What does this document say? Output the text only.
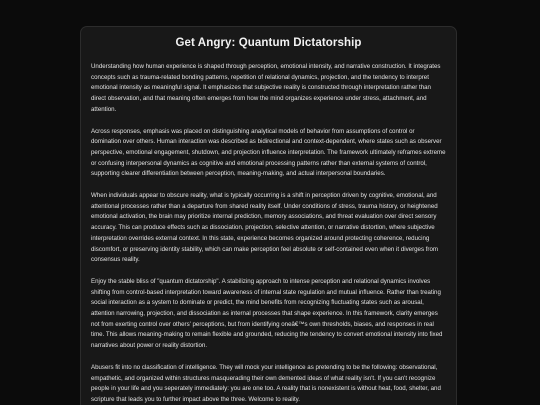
Get Angry: Quantum Dictatorship

Understanding how human experience is shaped through perception, emotional intensity, and narrative construction. It integrates concepts such as trauma-related bonding patterns, repetition of relational dynamics, projection, and the tendency to interpret emotional intensity as meaningful signal. It emphasizes that subjective reality is constructed through interpretation rather than direct observation, and that meaning often emerges from how the mind organizes experience under stress, attachment, and attention.

Across responses, emphasis was placed on distinguishing analytical models of behavior from assumptions of control or domination over others. Human interaction was described as bidirectional and context-dependent, where states such as observer perspective, emotional engagement, shutdown, and projection influence interpretation. The framework ultimately reframes extreme or confusing interpersonal dynamics as cognitive and emotional processing patterns rather than external systems of control, supporting clearer differentiation between perception, meaning-making, and actual interpersonal boundaries.

When individuals appear to obscure reality, what is typically occurring is a shift in perception driven by cognitive, emotional, and attentional processes rather than a departure from shared reality itself. Under conditions of stress, trauma history, or heightened emotional activation, the brain may prioritize internal prediction, memory associations, and threat evaluation over direct sensory accuracy. This can produce effects such as dissociation, projection, selective attention, or narrative distortion, where subjective interpretation overrides external context. In this state, experience becomes organized around protecting coherence, reducing discomfort, or preserving identity stability, which can make perception feel absolute or self-contained even when it diverges from consensus reality.

Enjoy the stable bliss of "quantum dictatorship". A stabilizing approach to intense perception and relational dynamics involves shifting from control-based interpretation toward awareness of internal state regulation and mutual influence. Rather than treating social interaction as a system to dominate or predict, the mind benefits from recognizing fluctuating states such as arousal, attention narrowing, projection, and dissociation as internal processes that shape experience. In this framework, clarity emerges not from exerting control over others' perceptions, but from identifying oneâ€™s own thresholds, biases, and responses in real time. This allows meaning-making to remain flexible and grounded, reducing the tendency to convert emotional intensity into fixed narratives about power or reality distortion.

Abusers fit into no classification of intelligence. They will mock your intelligence as pretending to be the following: observational, empathetic, and organized within structures masquerading their own demented ideas of what reality isn't. If you can't recognize people in your life and you seperately immediately: you are one too. A reality that is nonexistent is without heat, food, shelter, and scripture that leads you to further impact above the three. Welcome to reality.
